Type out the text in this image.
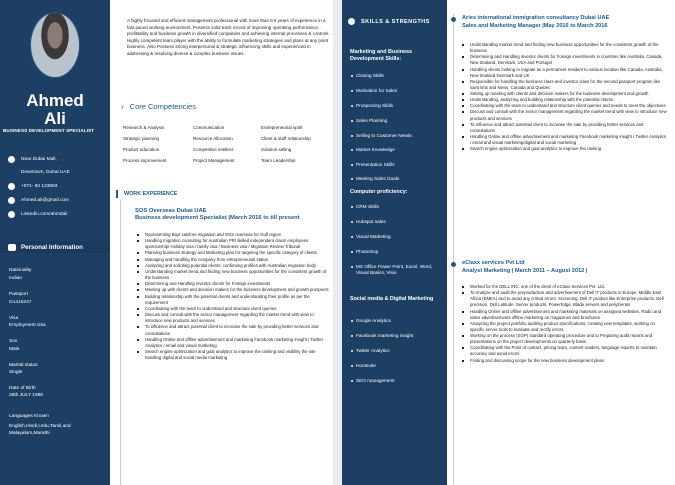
Ahmed
Ali
BUSINESS DEVELOPMENT SPECIALIST
Near Dubai Mall,
Downtown, Dubai UAE
+971- 50 123863
Ahmed.ali@gmail.com
Linkedin.com/ahmdali
Personal Information
Nationality
Indian
Passport
G1415247
Visa
Employment visa
Sex
Male
Marital status
Single
Date of Birth
28th JULY 1988
Languages Known
English,Hindi,Urdu,Tamil,and Malayalam,Marathi
A highly focused and efficient management professional with more than 9.5 years of experience in a fast paced working environment, Possess solid track record of improving operating performance, profitability and business growth in diversified companies and achieving internal processes & controls. Highly competent team player with the ability to formulate marketing strategies and plans at any point business. Also Possess strong interpersonal & strategic influencing skills and experienced in addressing & resolving diverse & complex business issues.
› Core Competencies
Research & Analysis	Communication	Entrepreneurial spirit
Strategic planning	Resource Allocation	Client & staff relationship
Product education	Competitive intellect	Solution selling
Process improvement	Project Management	Team Leadership
WORK EXPERIENCE
SOS Overseas Dubai UAE
Business development Specialist |March 2016 to till present
Representing Bayt salsfore migration and SOS overseas for Gulf region
Handling migration consulting for Australian PR/ skilled independent class/ employees sponsorship/ Holiday visa / family visa / Business visa / Migration Review Tribunal
Planning business strategy and Marketing plan for targeting the specific category of clients
Managing and handling the company from entrepreneurial status
Analyzing and soliciting potential clients, confirming profiles with Australian migration body
Understanding market trend and finding new business opportunities for the consistent growth of the business
Determining and Handling investor clients for Foreign investments
Meeting up with clients and decision makers for the business development and growth prospects
Building relationship with the potential clients and understanding their profile as per the requirement
Coordinating with the team to understand and structure client queries
Discuss and consult with the senior management regarding the market trend with view to introduce new products and services
To influence and attract potential client to increase the sale by providing better services and consultations
Handling Online and offline advertisement and marketing Facebook marketing insight / Twitter Analytics / email and visual marketing
Search engine optimization and goal analytics to improve the ranking and visibility the site handling digital and social media marketing
SKILLS & STRENGTHS
Marketing and Business Development Skills:
Closing Skills
Motivation for Sales
Prospecting Skills
Sales Planning
Selling to Customer Needs
Market Knowledge
Presentation Skills
Meeting Sales Goals
Computer proficiency:
CRM Skills
Hubspot sales
Visual Marketing
Photoshop
MS Office Power Point, Excel, Word, Visual Basics, Visio
Social media & Digital Marketing
Google Analytics
Facebook marketing insight
Twitter Analytics
Hootsuite
SEO management
Aries international immigration consultancy Dubai UAE
Sales and Marketing Manager |May 2016 to March 2016
Understanding market trend and finding new business opportunities for the consistent growth of the business
Determining and Handling investor clients for Foreign investments in countries like Australia, Canada, New Zealand, Denmark, USA and Portugal
Handling clients looking to migrate as a permanent resident to various location like Canada, Australia, New Zealand Denmark and UK
Responsible for handling the business class and investor class for the second passport program like saint kitts and Nevis, Canada and Quebec
Setting up meeting with clients and decision makers for the business development and growth
Understanding, analyzing and building relationship with the potential clients
Coordinating with the team to understand and structure client queries and needs to meet the objectives
Discuss and consult with the senior management regarding the market trend with view to introduce new products and services
To influence and attract potential client to increase the sale by providing better services and consultations
Handling Online and offline advertisement and marketing Facebook marketing insight / Twitter Analytics / email and visual marketing/digital and social marketing
Search engine optimization and goal analytics to improve the ranking
eClaxx services Pvt Ltd
Analyst Marketing | March 2011 – August 2012 |
Worked for the DELL INC. one of the client of eClaxx Services Pvt. Ltd.
To Analyze and audit the preproduction and advertisement of Dell IT products in Europe, Middle East Africa (EMEA) and to avoid any critical errors. Screening, Dell IT product like Enterprise products, Dell precision, Dell Latitude, Server products, PowerEdge, Blade servers and peripherals
Handling Online and offline advertisement and marketing materials on assigned websites, Radio and video advertisements offline marketing on magazines and brochures
Analyzing the project portfolio auditing product specifications, creating new templates, working on specific server tools to evaluate and rectify errors
Working on the process (SOP) standard operating procedure and to Preparing audit reports and presentations on the project developments on quarterly basis
Coordinating with the Point of contact, pricing team, content readers, language experts to maintain accuracy and avoid errors
Finding and discussing scope for the new business development plans
